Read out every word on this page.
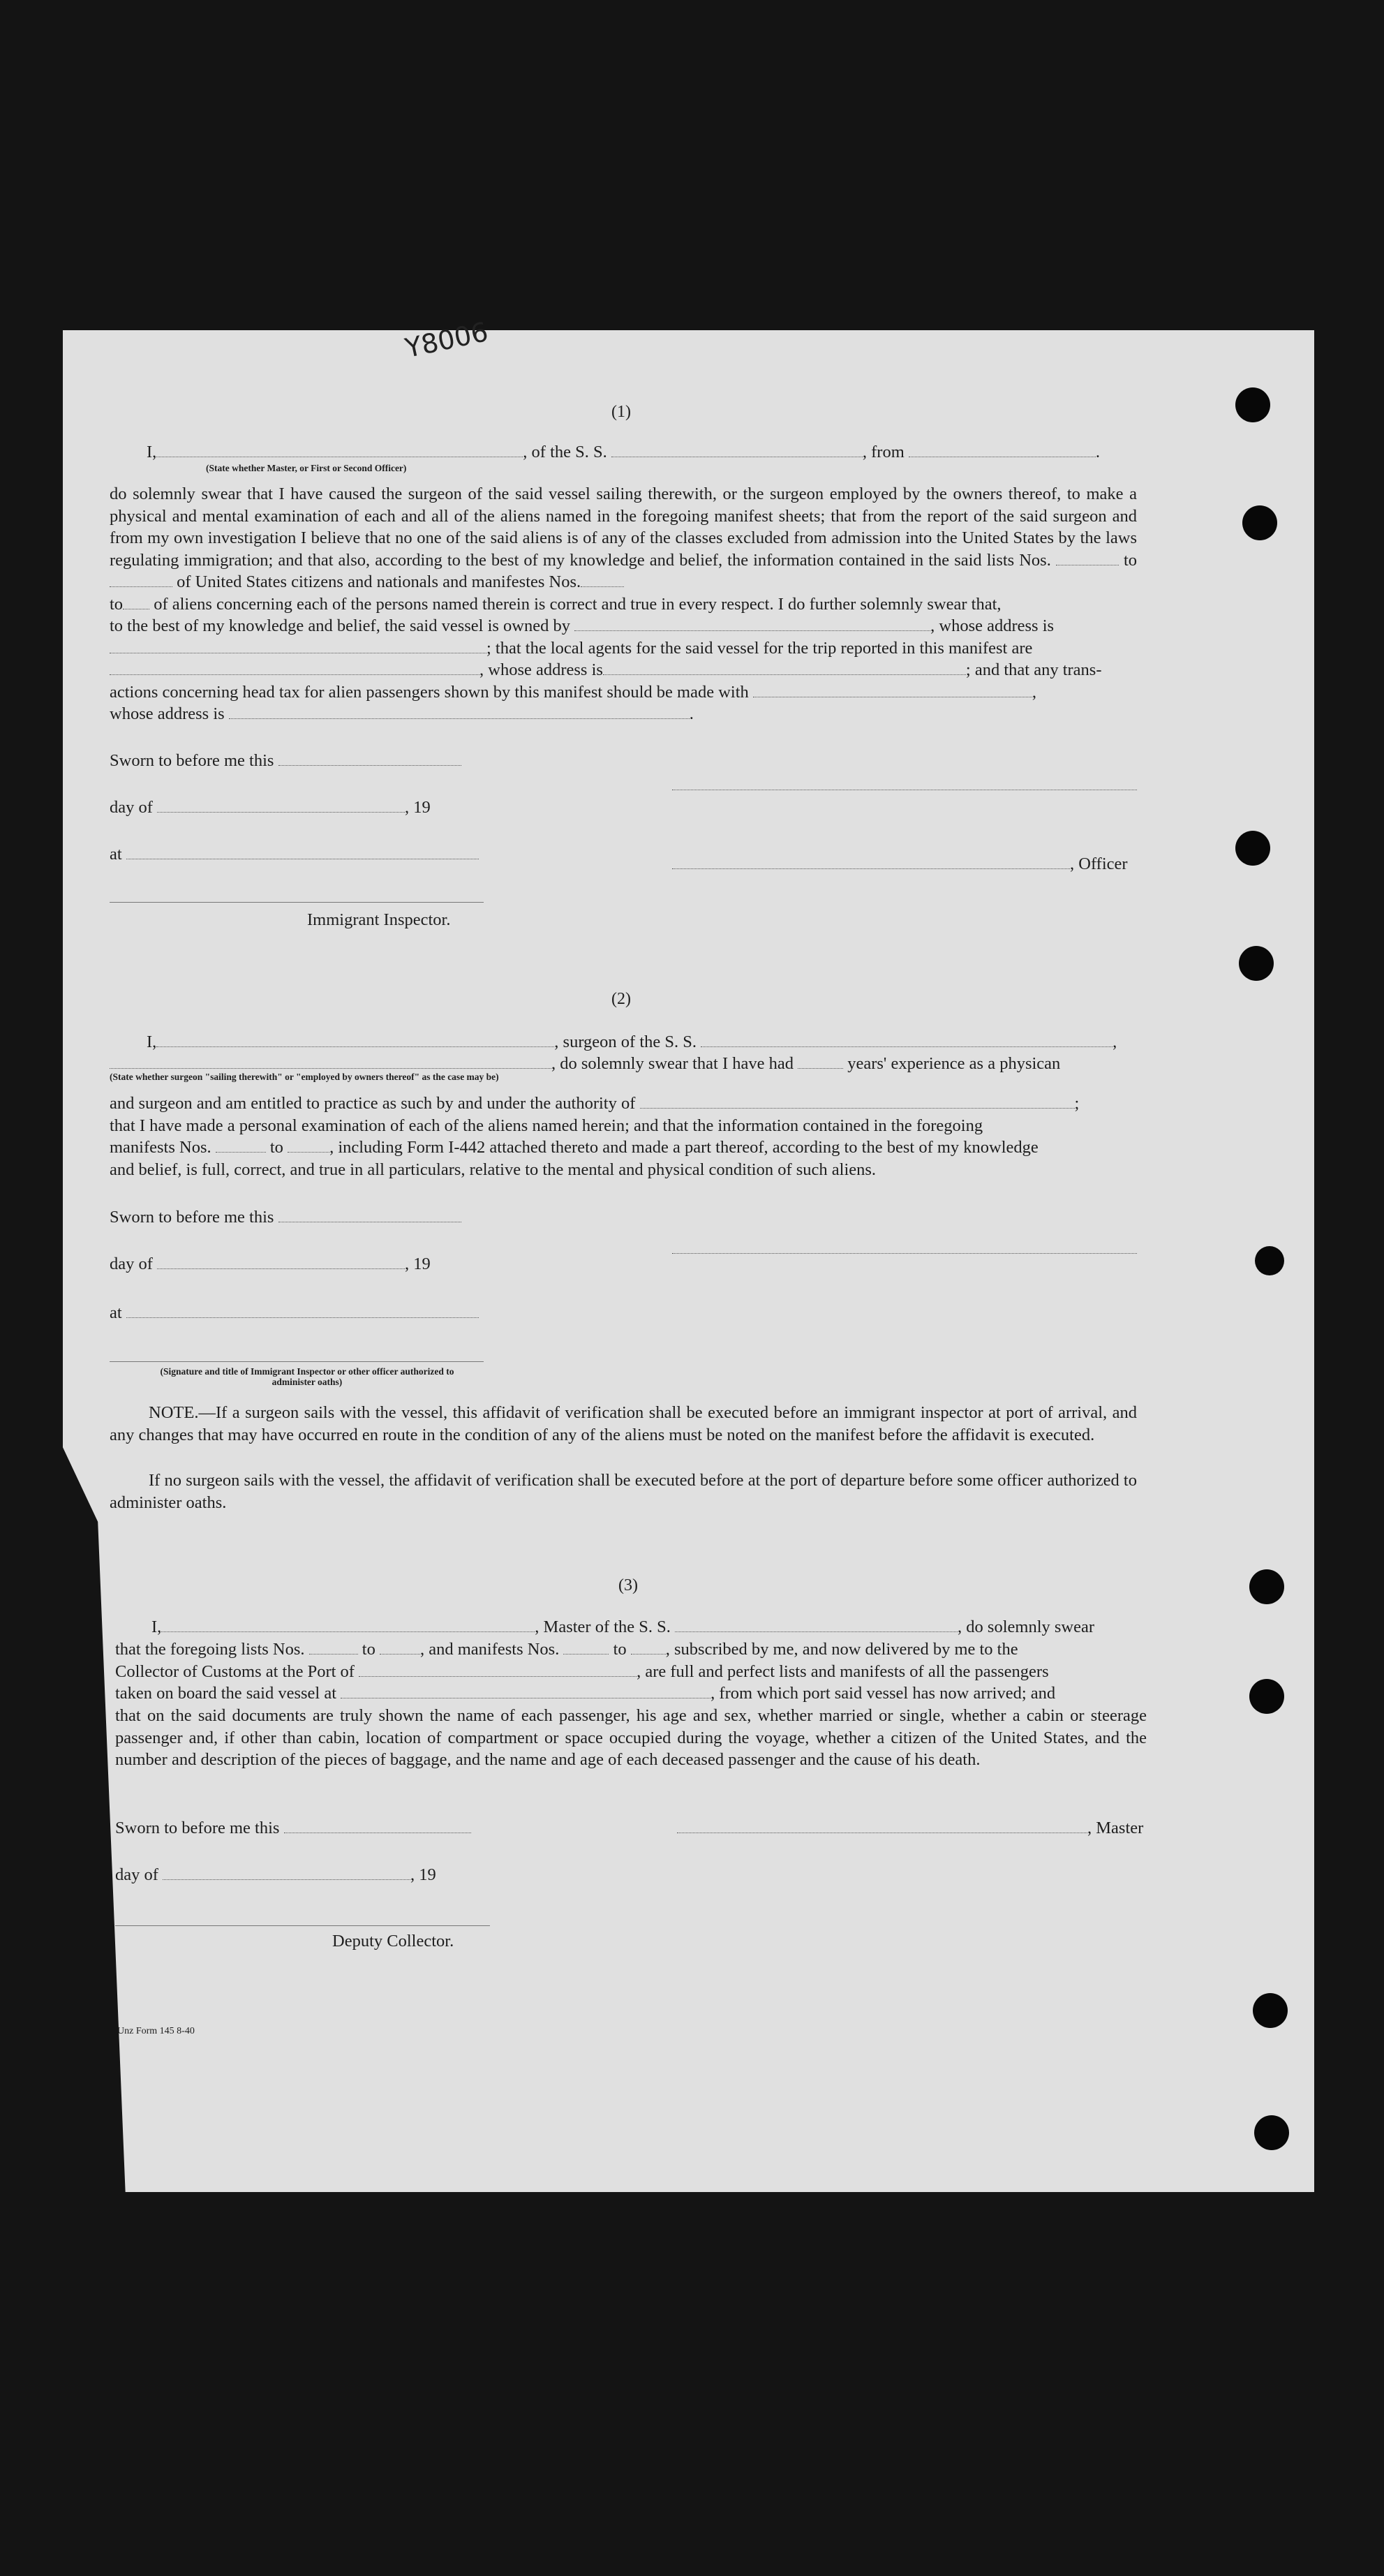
Y8006
(1)
I,	, of the S. S.	, from	.
(State whether Master, or First or Second Officer)
do solemnly swear that I have caused the surgeon of the said vessel sailing therewith, or the surgeon employed by the owners thereof, to make a physical and mental examination of each and all of the aliens named in the foregoing manifest sheets; that from the report of the said surgeon and from my own investigation I believe that no one of the said aliens is of any of the classes excluded from admission into the United States by the laws regulating immigration; and that also, according to the best of my knowledge and belief, the information contained in the said lists Nos.	to  of United States citizens and nationals and manifestes Nos.
to of aliens concerning each of the persons named therein is correct and true in every respect. I do further solemnly swear that,
to the best of my knowledge and belief, the said vessel is owned by	, whose address is
; that the local agents for the said vessel for the trip reported in this manifest are
, whose address is	; and that any trans-
actions concerning head tax for alien passengers shown by this manifest should be made with	,
whose address is	.
Sworn to before me this
day of	, 19
at
, Officer
Immigrant Inspector.
(2)
I,	, surgeon of the S. S.	,
, do solemnly swear that I have had	years' experience as a physican
(State whether surgeon "sailing therewith" or "employed by owners thereof" as the case may be)
and surgeon and am entitled to practice as such by and under the authority of	;
that I have made a personal examination of each of the aliens named herein; and that the information contained in the foregoing
manifests Nos.	to	, including Form I-442 attached thereto and made a part thereof, according to the best of my knowledge
and belief, is full, correct, and true in all particulars, relative to the mental and physical condition of such aliens.
Sworn to before me this
day of	, 19
at
(Signature and title of Immigrant Inspector or other officer authorized to administer oaths)
NOTE.—If a surgeon sails with the vessel, this affidavit of verification shall be executed before an immigrant inspector at port of arrival, and any changes that may have occurred en route in the condition of any of the aliens must be noted on the manifest before the affidavit is executed.
If no surgeon sails with the vessel, the affidavit of verification shall be executed before at the port of departure before some officer authorized to administer oaths.
(3)
I,	, Master of the S. S.	, do solemnly swear
that the foregoing lists Nos.	to	, and manifests Nos.	to , subscribed by me, and now delivered by me to the
Collector of Customs at the Port of	, are full and perfect lists and manifests of all the passengers
taken on board the said vessel at	, from which port said vessel has now arrived; and
that on the said documents are truly shown the name of each passenger, his age and sex, whether married or single, whether a cabin or steerage passenger and, if other than cabin, location of compartment or space occupied during the voyage, whether a citizen of the United States, and the number and description of the pieces of baggage, and the name and age of each deceased passenger and the cause of his death.
Sworn to before me this	, Master
day of	, 19
Deputy Collector.
Unz Form 145 8-40
